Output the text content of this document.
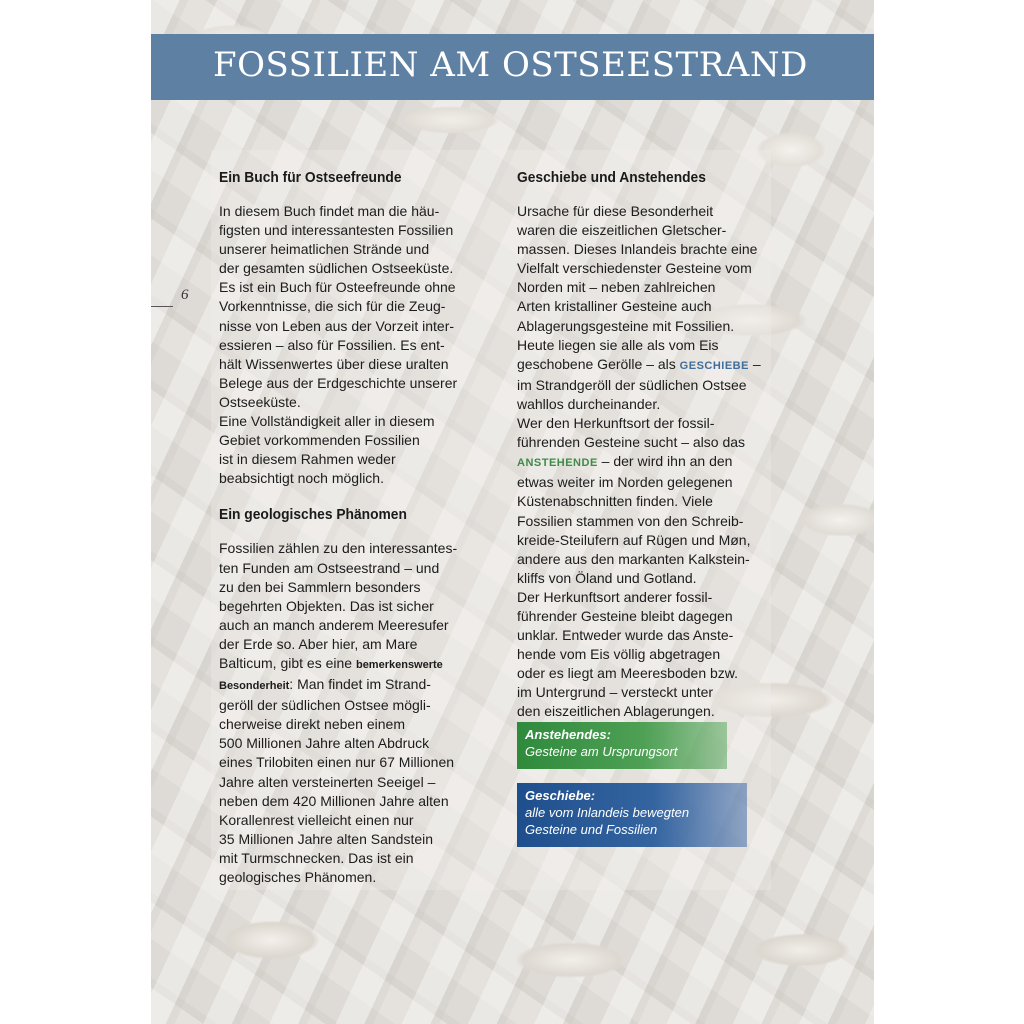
FOSSILIEN AM OSTSEESTRAND
6
Ein Buch für Ostseefreunde

In diesem Buch findet man die häu-
figsten und interessantesten Fossilien
unserer heimatlichen Strände und
der gesamten südlichen Ostseeküste.
Es ist ein Buch für Osteefreunde ohne
Vorkenntnisse, die sich für die Zeug-
nisse von Leben aus der Vorzeit inter-
essieren – also für Fossilien. Es ent-
hält Wissenwertes über diese uralten
Belege aus der Erdgeschichte unserer
Ostseeküste.
Eine Vollständigkeit aller in diesem
Gebiet vorkommenden Fossilien
ist in diesem Rahmen weder
beabsichtigt noch möglich.

Ein geologisches Phänomen

Fossilien zählen zu den interessantes-
ten Funden am Ostseestrand – und
zu den bei Sammlern besonders
begehrten Objekten. Das ist sicher
auch an manch anderem Meeresufer
der Erde so. Aber hier, am Mare
Balticum, gibt es eine bemerkenswerte
Besonderheit: Man findet im Strand-
geröll der südlichen Ostsee mögli-
cherweise direkt neben einem
500 Millionen Jahre alten Abdruck
eines Trilobiten einen nur 67 Millionen
Jahre alten versteinerten Seeigel –
neben dem 420 Millionen Jahre alten
Korallenrest vielleicht einen nur
35 Millionen Jahre alten Sandstein
mit Turmschnecken. Das ist ein
geologisches Phänomen.

Geschiebe und Anstehendes

Ursache für diese Besonderheit
waren die eiszeitlichen Gletscher-
massen. Dieses Inlandeis brachte eine
Vielfalt verschiedenster Gesteine vom
Norden mit – neben zahlreichen
Arten kristalliner Gesteine auch
Ablagerungsgesteine mit Fossilien.
Heute liegen sie alle als vom Eis
geschobene Gerölle – als GESCHIEBE –
im Strandgeröll der südlichen Ostsee
wahllos durcheinander.
Wer den Herkunftsort der fossil-
führenden Gesteine sucht – also das
ANSTEHENDE – der wird ihn an den
etwas weiter im Norden gelegenen
Küstenabschnitten finden. Viele
Fossilien stammen von den Schreib-
kreide-Steilufern auf Rügen und Møn,
andere aus den markanten Kalkstein-
kliffs von Öland und Gotland.
Der Herkunftsort anderer fossil-
führender Gesteine bleibt dagegen
unklar. Entweder wurde das Anste-
hende vom Eis völlig abgetragen
oder es liegt am Meeresboden bzw.
im Untergrund – versteckt unter
den eiszeitlichen Ablagerungen.

Anstehendes:
Gesteine am Ursprungsort
Geschiebe:
alle vom Inlandeis bewegten
Gesteine und Fossilien
